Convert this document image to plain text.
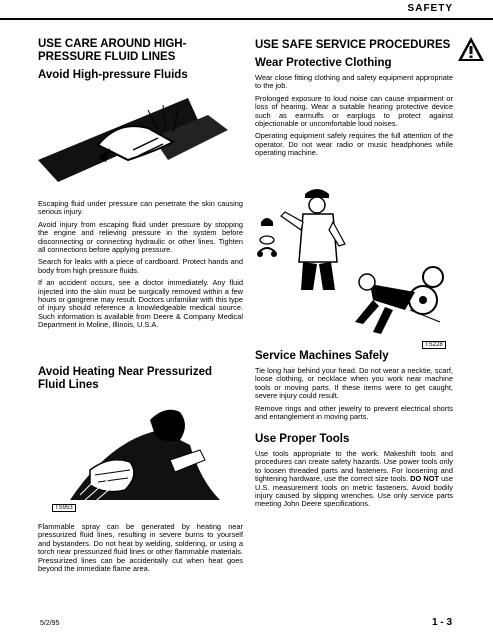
SAFETY
USE CARE AROUND HIGH-
PRESSURE FLUID LINES
Avoid High-pressure Fluids

Escaping fluid under pressure can penetrate the skin causing serious injury.

Avoid injury from escaping fluid under pressure by stopping the engine and relieving pressure in the system before disconnecting or connecting hydraulic or other lines. Tighten all connections before applying pressure.

Search for leaks with a piece of cardboard. Protect hands and body from high pressure fluids.

If an accident occurs, see a doctor immediately. Any fluid injected into the skin must be surgically removed within a few hours or gangrene may result. Doctors unfamiliar with this type of injury should reference a knowledgeable medical source. Such information is available from Deere & Company Medical Department in Moline, Illinois, U.S.A.

Avoid Heating Near Pressurized
Fluid Lines
TS953

Flammable spray can be generated by heating near pressurized fluid lines, resulting in severe burns to yourself and bystanders. Do not heat by welding, soldering, or using a torch near pressurized fluid lines or other flammable materials. Pressurized lines can be accidentally cut when heat goes beyond the immediate flame area.

USE SAFE SERVICE PROCEDURES
Wear Protective Clothing

Wear close fitting clothing and safety equipment appropriate to the job.

Prolonged exposure to loud noise can cause impairment or loss of hearing. Wear a suitable hearing protective device such as earmuffs or earplugs to protect against objectionable or uncomfortable loud noises.

Operating equipment safely requires the full attention of the operator. Do not wear radio or music headphones while operating machine.

TS228
Service Machines Safely

Tie long hair behind your head. Do not wear a necktie, scarf, loose clothing, or necklace when you work near machine tools or moving parts. If these items were to get caught, severe injury could result.

Remove rings and other jewelry to prevent electrical shorts and entanglement in moving parts.

Use Proper Tools

Use tools appropriate to the work. Makeshift tools and procedures can create safety hazards. Use power tools only to loosen threaded parts and fasteners. For loosening and tightening hardware, use the correct size tools. DO NOT use U.S. measurement tools on metric fasteners. Avoid bodily injury caused by slipping wrenches. Use only service parts meeting John Deere specifications.

5/2/95	1 - 3
